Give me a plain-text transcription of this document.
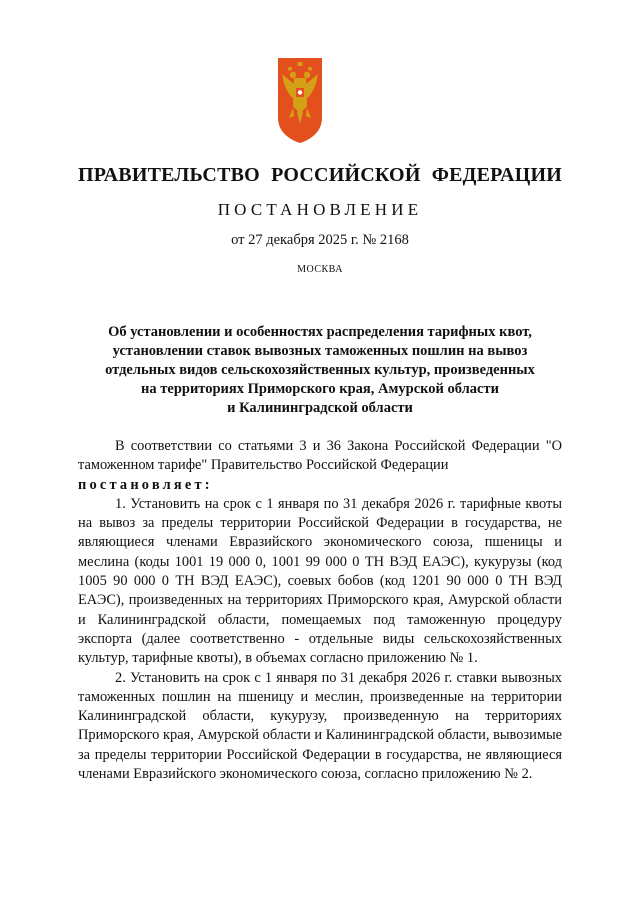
ПРАВИТЕЛЬСТВО РОССИЙСКОЙ ФЕДЕРАЦИИ
ПОСТАНОВЛЕНИЕ
от 27 декабря 2025 г. № 2168
МОСКВА
Об установлении и особенностях распределения тарифных квот,
установлении ставок вывозных таможенных пошлин на вывоз
отдельных видов сельскохозяйственных культур, произведенных
на территориях Приморского края, Амурской области
и Калининградской области

В соответствии со статьями 3 и 36 Закона Российской Федерации "О таможенном тарифе" Правительство Российской Федерации

постановляет:

1. Установить на срок с 1 января по 31 декабря 2026 г. тарифные квоты на вывоз за пределы территории Российской Федерации в государства, не являющиеся членами Евразийского экономического союза, пшеницы и меслина (коды 1001 19 000 0, 1001 99 000 0 ТН ВЭД ЕАЭС), кукурузы (код 1005 90 000 0 ТН ВЭД ЕАЭС), соевых бобов (код 1201 90 000 0 ТН ВЭД ЕАЭС), произведенных на территориях Приморского края, Амурской области и Калининградской области, помещаемых под таможенную процедуру экспорта (далее соответственно - отдельные виды сельскохозяйственных культур, тарифные квоты), в объемах согласно приложению № 1.

2. Установить на срок с 1 января по 31 декабря 2026 г. ставки вывозных таможенных пошлин на пшеницу и меслин, произведенные на территории Калининградской области, кукурузу, произведенную на территориях Приморского края, Амурской области и Калининградской области, вывозимые за пределы территории Российской Федерации в государства, не являющиеся членами Евразийского экономического союза, согласно приложению № 2.
